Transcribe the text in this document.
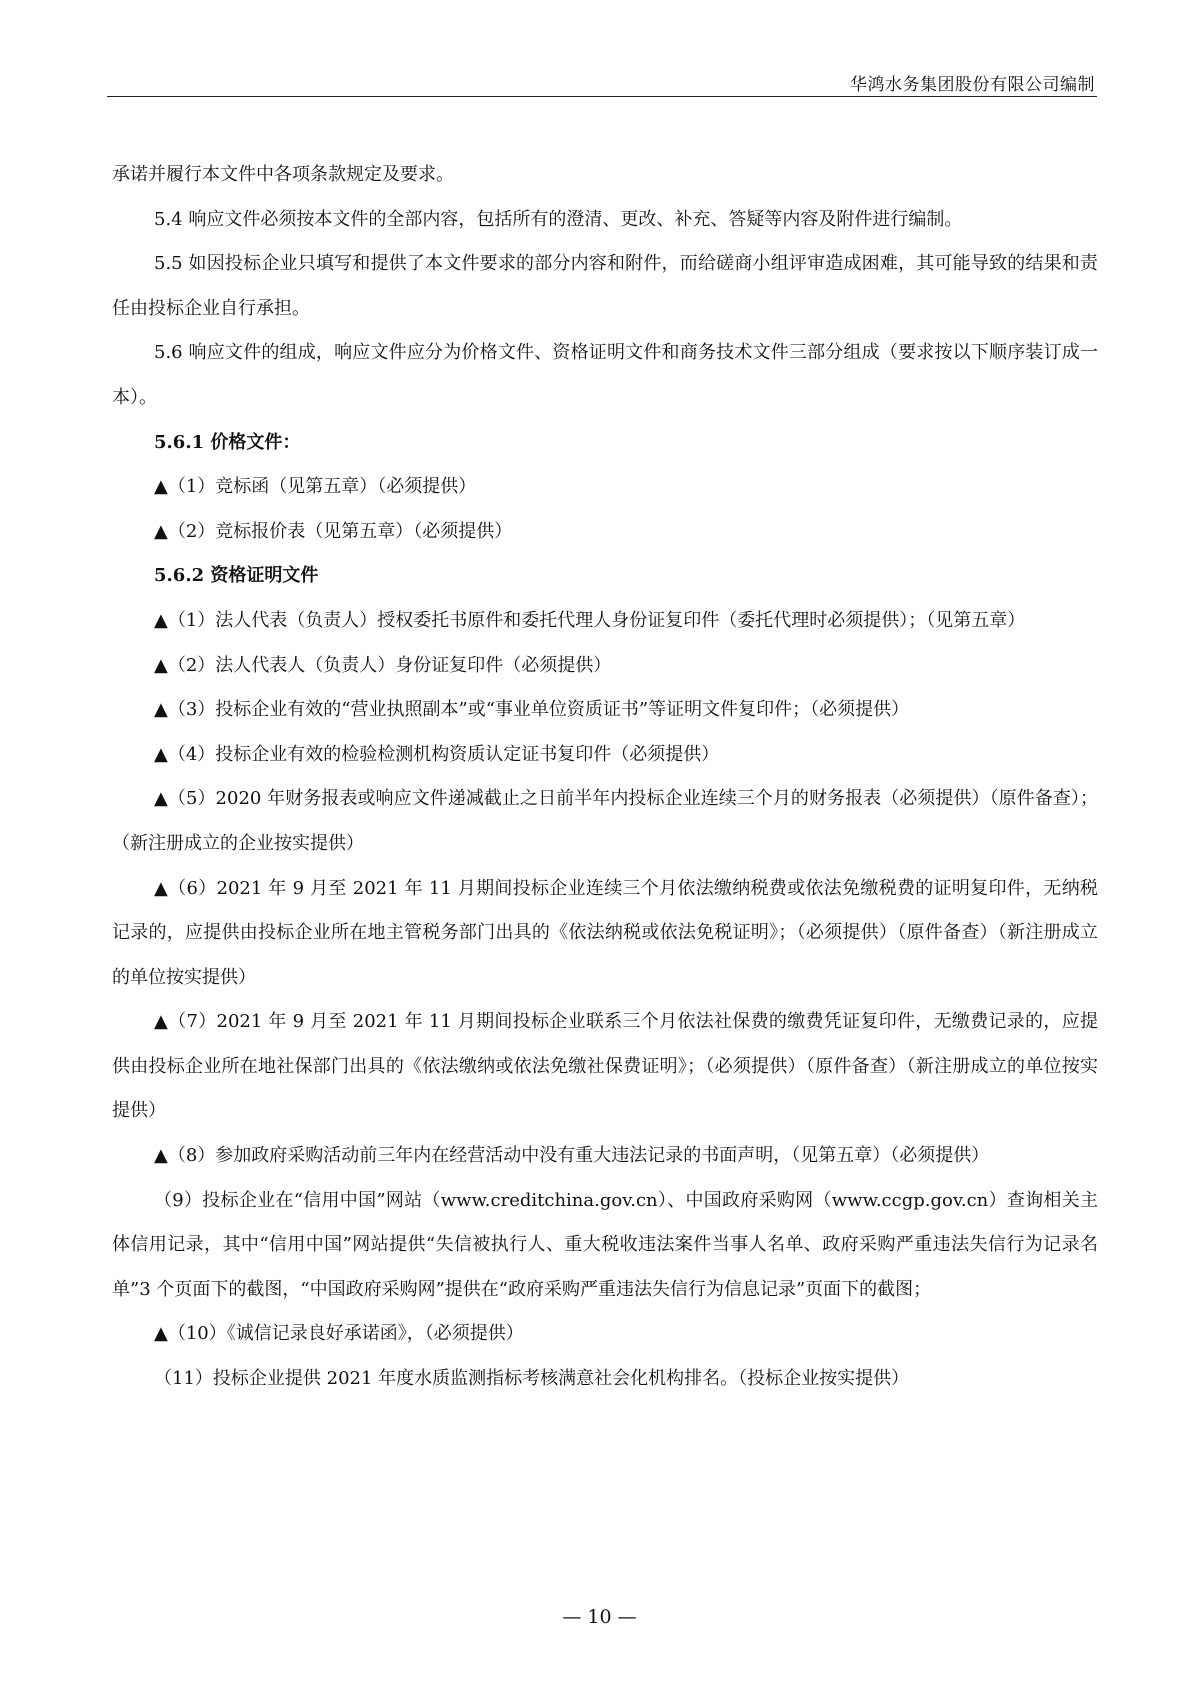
华鸿水务集团股份有限公司编制

承诺并履行本文件中各项条款规定及要求。

5.4 响应文件必须按本文件的全部内容，包括所有的澄清、更改、补充、答疑等内容及附件进行编制。

5.5 如因投标企业只填写和提供了本文件要求的部分内容和附件，而给磋商小组评审造成困难，其可能导致的结果和责任由投标企业自行承担。

5.6 响应文件的组成，响应文件应分为价格文件、资格证明文件和商务技术文件三部分组成（要求按以下顺序装订成一本）。

5.6.1 价格文件：

▲（1）竞标函（见第五章）（必须提供）

▲（2）竞标报价表（见第五章）（必须提供）

5.6.2 资格证明文件

▲（1）法人代表（负责人）授权委托书原件和委托代理人身份证复印件（委托代理时必须提供）；（见第五章）

▲（2）法人代表人（负责人）身份证复印件（必须提供）

▲（3）投标企业有效的“营业执照副本”或“事业单位资质证书”等证明文件复印件；（必须提供）

▲（4）投标企业有效的检验检测机构资质认定证书复印件（必须提供）

▲（5）2020 年财务报表或响应文件递减截止之日前半年内投标企业连续三个月的财务报表（必须提供）（原件备查）；（新注册成立的企业按实提供）

▲（6）2021 年 9 月至 2021 年 11 月期间投标企业连续三个月依法缴纳税费或依法免缴税费的证明复印件，无纳税记录的，应提供由投标企业所在地主管税务部门出具的《依法纳税或依法免税证明》；（必须提供）（原件备查）（新注册成立的单位按实提供）

▲（7）2021 年 9 月至 2021 年 11 月期间投标企业联系三个月依法社保费的缴费凭证复印件，无缴费记录的，应提供由投标企业所在地社保部门出具的《依法缴纳或依法免缴社保费证明》；（必须提供）（原件备查）（新注册成立的单位按实提供）

▲（8）参加政府采购活动前三年内在经营活动中没有重大违法记录的书面声明，（见第五章）（必须提供）

（9）投标企业在“信用中国”网站（www.creditchina.gov.cn）、中国政府采购网（www.ccgp.gov.cn）查询相关主体信用记录，其中“信用中国”网站提供“失信被执行人、重大税收违法案件当事人名单、政府采购严重违法失信行为记录名单”3 个页面下的截图，“中国政府采购网”提供在“政府采购严重违法失信行为信息记录”页面下的截图；

▲（10）《诚信记录良好承诺函》，（必须提供）

（11）投标企业提供 2021 年度水质监测指标考核满意社会化机构排名。（投标企业按实提供）

— 10 —
